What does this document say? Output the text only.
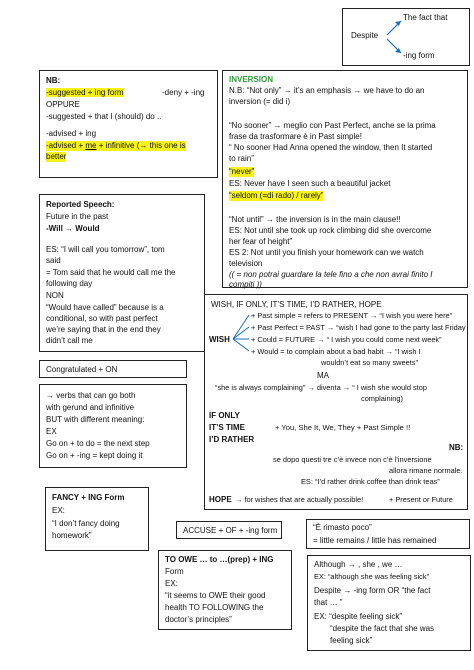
Despite
The fact that
-ing form
NB:
-suggested + ing form	-deny + -ing
OPPURE
-suggested + that I (should) do ..
-advised + ing
-advised + me + infinitive (→ this one is
better
INVERSION
N.B: “Not only” → it’s an emphasis → we have to do an
inversion (= did i)
“No sooner” → meglio con Past Perfect, anche se la prima
frase da trasformare è in Past simple!
“ No sooner Had Anna opened the window, then It started
to rain”
“never”
ES: Never have I seen such a beautiful jacket
“seldom (=di rado) / rarely”
“Not until” → the inversion is in the main clause!!
ES: Not until she took up rock climbing did she overcome
her fear of height”
ES 2: Not until you finish your homework can we watch
television
(( = non potrai guardare la tele fino a che non avrai finito I
compiti ))
Reported Speech:
Future in the past
-Will → Would
ES: “I will call you tomorrow”, tom
said
= Tom said that he would call me the
following day
NON
“Would have called” because is a
conditional, so with past perfect
we’re saying that in the end they
didn’t call me
Congratulated + ON
→ verbs that can go both
with gerund and infinitive
BUT with different meaning:
EX
Go on + to do = the next step
Go on + -ing = kept doing it
WISH, IF ONLY, IT’S TIME, I’D RATHER, HOPE
WISH
+ Past simple = refers to PRESENT → “I wish you were here”
+ Past Perfect = PAST → “wish I had gone to the party last Friday
+ Could = FUTURE → “ I wish you could come next week”
+ Would = to complain about a bad habit → “I wish I
wouldn’t eat so many sweets”
MA
“she is always complaining” → diventa → “ I wish she would stop
complaining)
IF ONLY
IT’S TIME
I’D RATHER
+ You, She It, We, They + Past Simple !!
NB:
se dopo questi tre c’è invece non c’è l’inversione
allora rimane normale.
ES: “I’d rather drink coffee than drink teas”
HOPE → for wishes that are actually possible!	+ Present or Future
FANCY + ING Form
EX:
“I don’t fancy doing
homework”
ACCUSE + OF + -ing form	“È rimasto poco”
= little remains / little has remained
TO OWE … to …(prep) + ING
Form
EX:
“it seems to OWE their good
health TO FOLLOWING the
doctor’s principles”
Although → , she , we …
EX: “although she was feeling sick”
Despite → -ing form OR “the fact
that … ”
EX: “despite feeling sick”
“despite the fact that she was
feeling sick”
